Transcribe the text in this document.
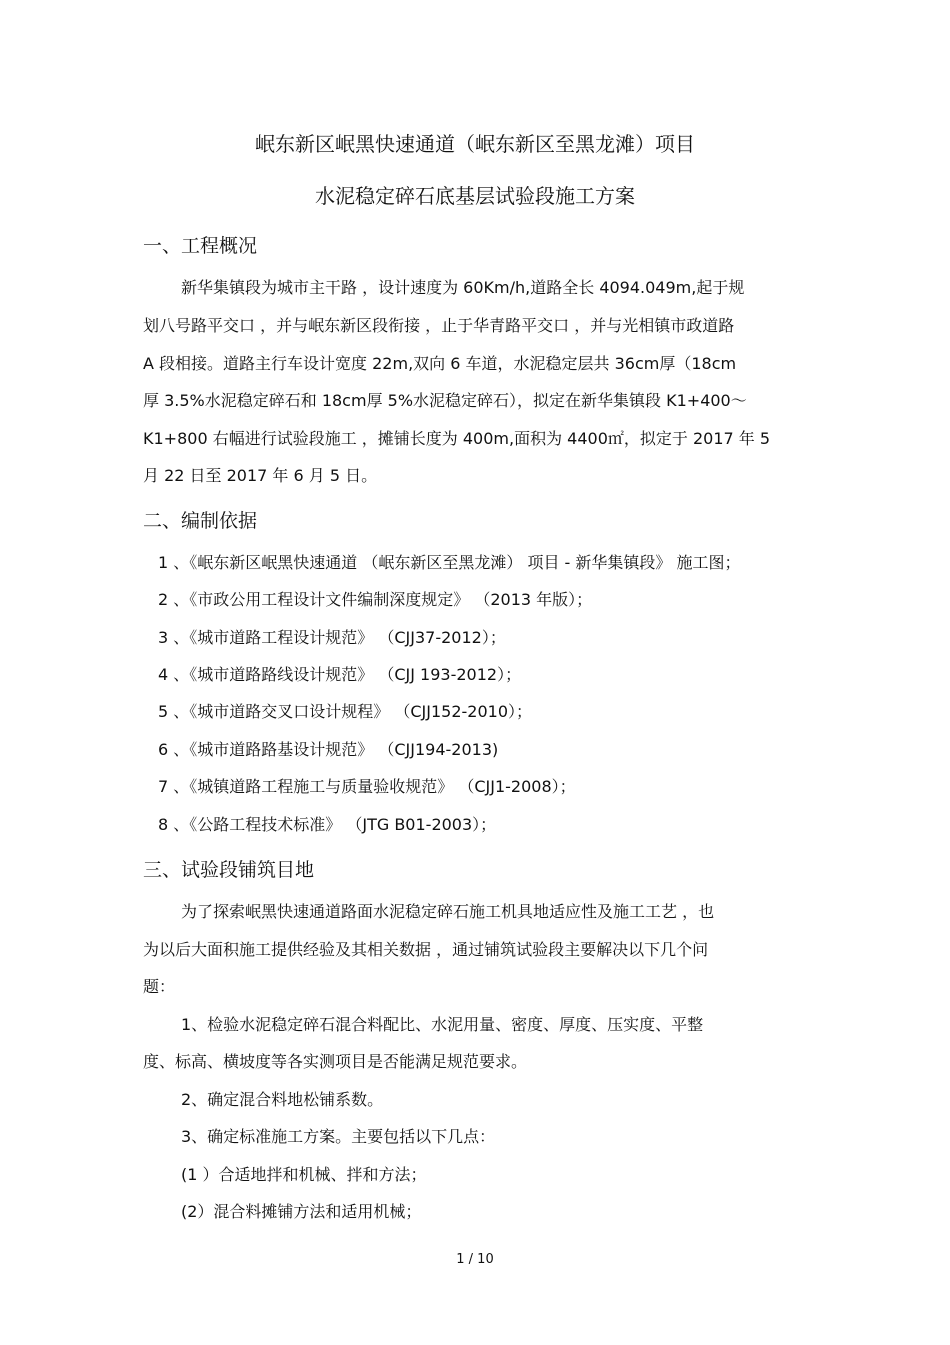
岷东新区岷黑快速通道（岷东新区至黑龙滩）项目
水泥稳定碎石底基层试验段施工方案
一、工程概况
新华集镇段为城市主干路 ，设计速度为 60Km/h,道路全长 4094.049m,起于规
划八号路平交口 ，并与岷东新区段衔接 ，止于华青路平交口 ，并与光相镇市政道路
A 段相接。道路主行车设计宽度 22m,双向 6 车道，水泥稳定层共 36cm厚（18cm
厚 3.5%水泥稳定碎石和 18cm厚 5%水泥稳定碎石），拟定在新华集镇段 K1+400～
K1+800 右幅进行试验段施工 ，摊铺长度为 400m,面积为 4400㎡，拟定于 2017 年 5
月 22 日至 2017 年 6 月 5 日。
二、编制依据
1 、《岷东新区岷黑快速通道 （岷东新区至黑龙滩） 项目 - 新华集镇段》 施工图；
2 、《市政公用工程设计文件编制深度规定》 （2013 年版）；
3 、《城市道路工程设计规范》 （CJJ37-2012）；
4 、《城市道路路线设计规范》 （CJJ 193-2012）；
5 、《城市道路交叉口设计规程》 （CJJ152-2010）；
6 、《城市道路路基设计规范》 （CJJ194-2013)
7 、《城镇道路工程施工与质量验收规范》 （CJJ1-2008）；
8 、《公路工程技术标准》 （JTG B01-2003）；
三、试验段铺筑目地
为了探索岷黑快速通道路面水泥稳定碎石施工机具地适应性及施工工艺 ，也
为以后大面积施工提供经验及其相关数据 ，通过铺筑试验段主要解决以下几个问
题：
1、检验水泥稳定碎石混合料配比、水泥用量、密度、厚度、压实度、平整
度、标高、横坡度等各实测项目是否能满足规范要求。
2、确定混合料地松铺系数。
3、确定标准施工方案。主要包括以下几点：
(1 ）合适地拌和机械、拌和方法；
(2）混合料摊铺方法和适用机械；
1 / 10
